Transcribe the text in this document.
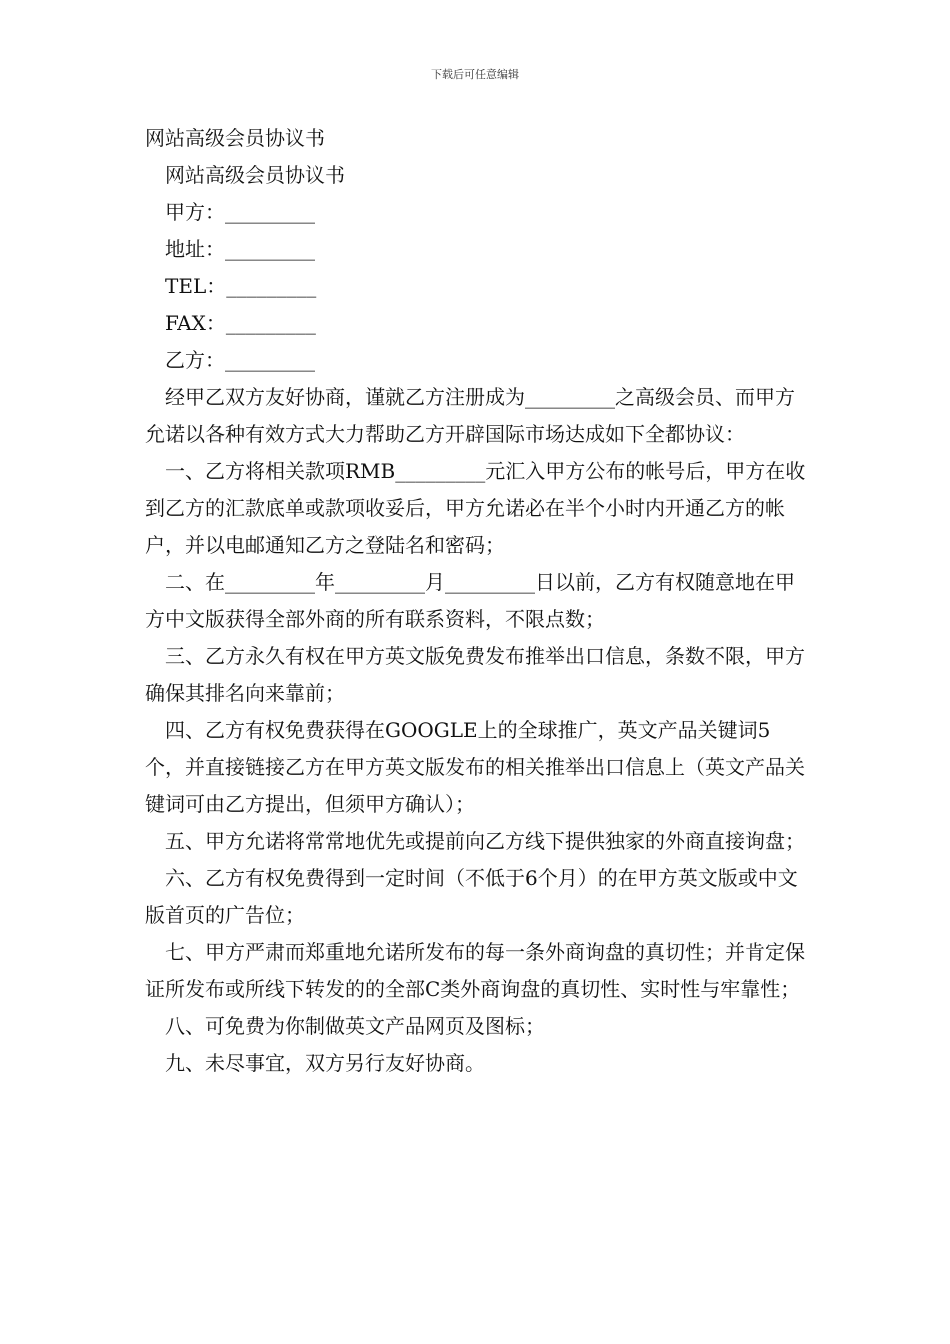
下载后可任意编辑

网站高级会员协议书

网站高级会员协议书

甲方：_________

地址：_________

TEL：_________

FAX：_________

乙方：_________

经甲乙双方友好协商，谨就乙方注册成为_________之高级会员、而甲方允诺以各种有效方式大力帮助乙方开辟国际市场达成如下全都协议：

一、乙方将相关款项RMB_________元汇入甲方公布的帐号后，甲方在收到乙方的汇款底单或款项收妥后，甲方允诺必在半个小时内开通乙方的帐户，并以电邮通知乙方之登陆名和密码；

二、在_________年_________月_________日以前，乙方有权随意地在甲方中文版获得全部外商的所有联系资料，不限点数；

三、乙方永久有权在甲方英文版免费发布推举出口信息，条数不限，甲方确保其排名向来靠前；

四、乙方有权免费获得在GOOGLE上的全球推广，英文产品关键词5个，并直接链接乙方在甲方英文版发布的相关推举出口信息上（英文产品关键词可由乙方提出，但须甲方确认）；

五、甲方允诺将常常地优先或提前向乙方线下提供独家的外商直接询盘；

六、乙方有权免费得到一定时间（不低于6个月）的在甲方英文版或中文版首页的广告位；

七、甲方严肃而郑重地允诺所发布的每一条外商询盘的真切性；并肯定保证所发布或所线下转发的的全部C类外商询盘的真切性、实时性与牢靠性；

八、可免费为你制做英文产品网页及图标；

九、未尽事宜，双方另行友好协商。
